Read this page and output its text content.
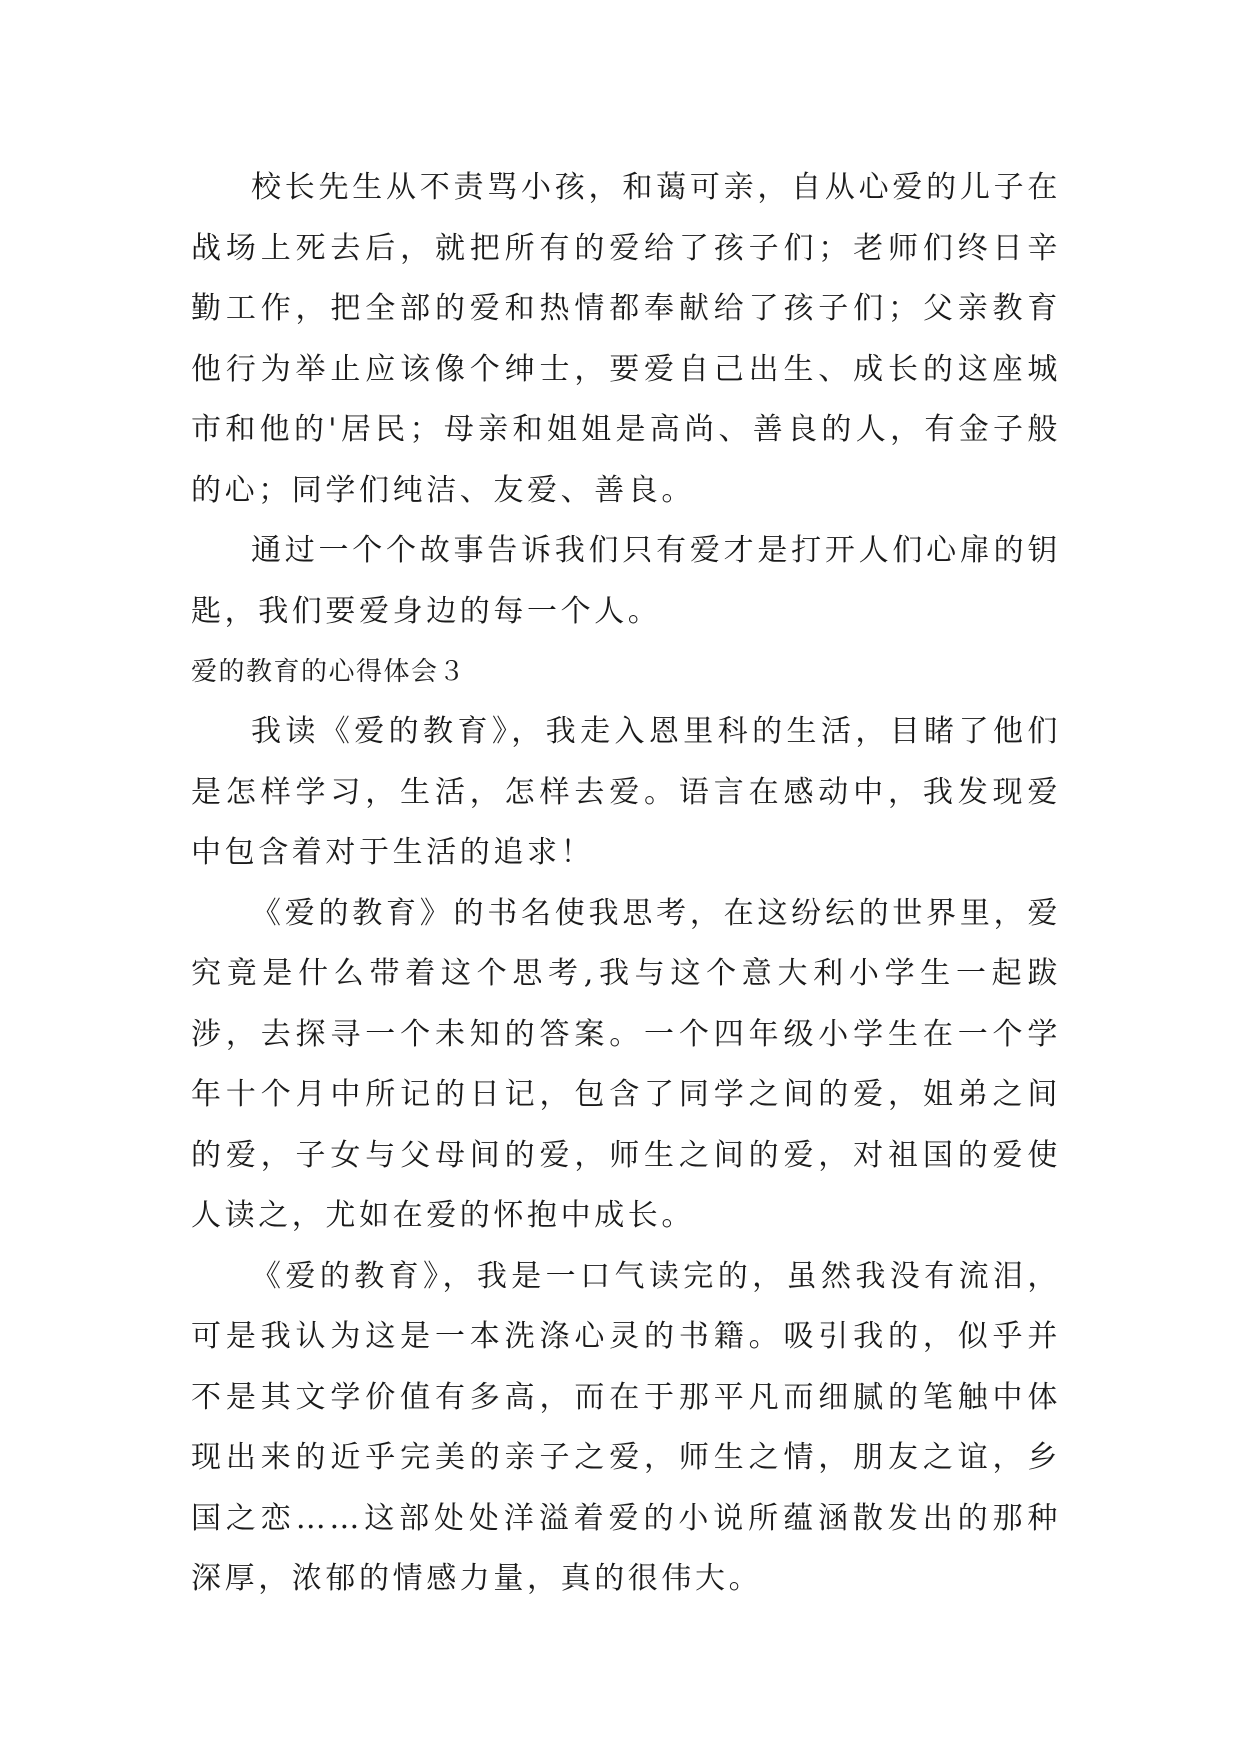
校长先生从不责骂小孩，和蔼可亲，自从心爱的儿子在战场上死去后，就把所有的爱给了孩子们；老师们终日辛勤工作，把全部的爱和热情都奉献给了孩子们；父亲教育他行为举止应该像个绅士，要爱自己出生、成长的这座城市和他的'居民；母亲和姐姐是高尚、善良的人，有金子般的心；同学们纯洁、友爱、善良。

通过一个个故事告诉我们只有爱才是打开人们心扉的钥匙，我们要爱身边的每一个人。

爱的教育的心得体会３

我读《爱的教育》，我走入恩里科的生活，目睹了他们是怎样学习，生活，怎样去爱。语言在感动中，我发现爱中包含着对于生活的追求！

《爱的教育》的书名使我思考，在这纷纭的世界里，爱究竟是什么带着这个思考,我与这个意大利小学生一起跋涉，去探寻一个未知的答案。一个四年级小学生在一个学年十个月中所记的日记，包含了同学之间的爱，姐弟之间的爱，子女与父母间的爱，师生之间的爱，对祖国的爱使人读之，尤如在爱的怀抱中成长。

《爱的教育》，我是一口气读完的，虽然我没有流泪，可是我认为这是一本洗涤心灵的书籍。吸引我的，似乎并不是其文学价值有多高，而在于那平凡而细腻的笔触中体现出来的近乎完美的亲子之爱，师生之情，朋友之谊，乡国之恋……这部处处洋溢着爱的小说所蕴涵散发出的那种深厚，浓郁的情感力量，真的很伟大。
